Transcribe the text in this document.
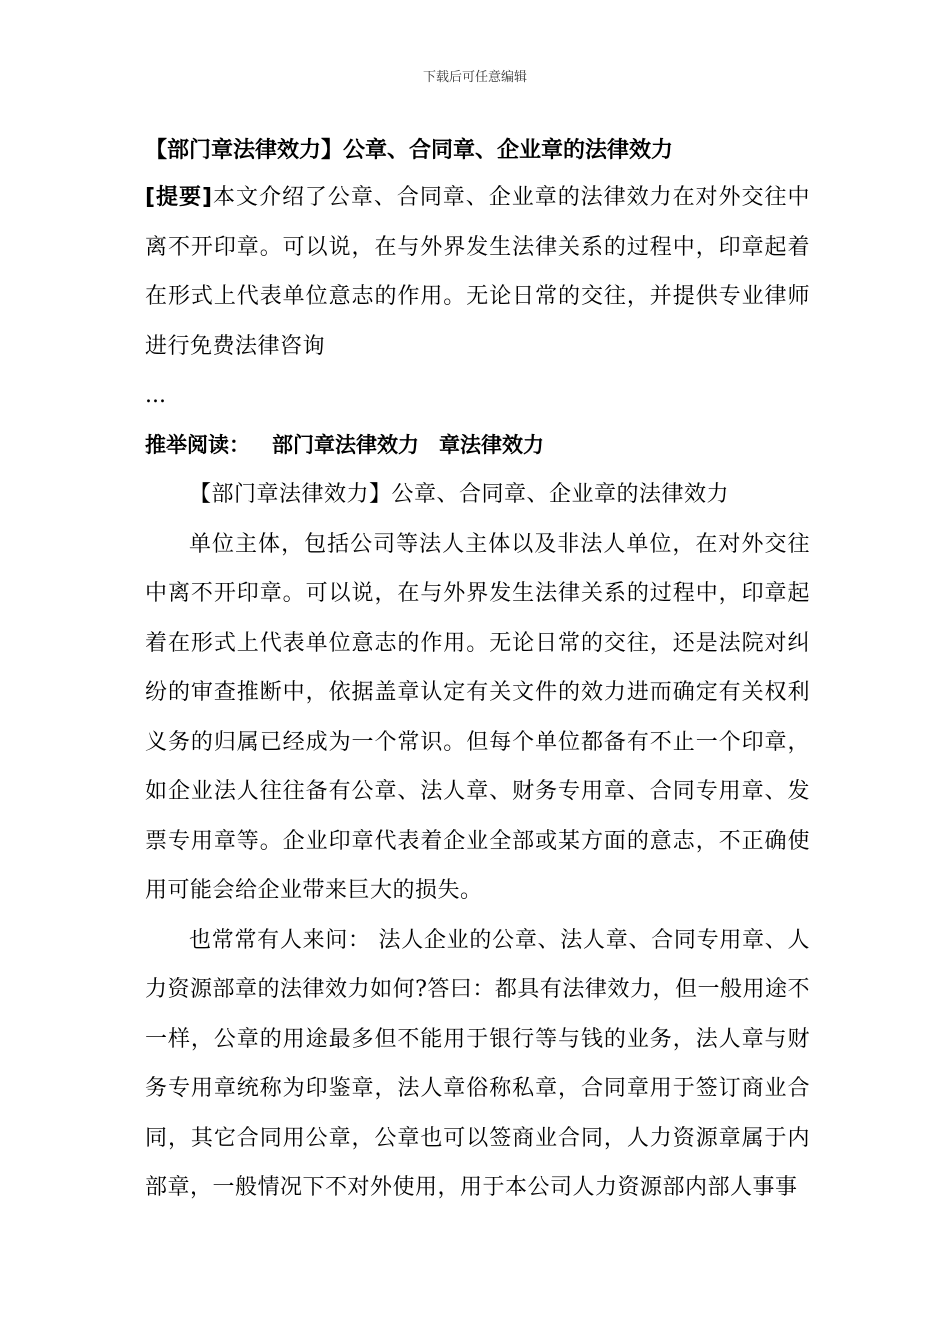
下载后可任意编辑

【部门章法律效力】公章、合同章、企业章的法律效力

[提要]本文介绍了公章、合同章、企业章的法律效力在对外交往中离不开印章。可以说，在与外界发生法律关系的过程中，印章起着在形式上代表单位意志的作用。无论日常的交往，并提供专业律师进行免费法律咨询

...

推举阅读： 部门章法律效力 章法律效力

【部门章法律效力】公章、合同章、企业章的法律效力

单位主体，包括公司等法人主体以及非法人单位，在对外交往中离不开印章。可以说，在与外界发生法律关系的过程中，印章起着在形式上代表单位意志的作用。无论日常的交往，还是法院对纠纷的审查推断中，依据盖章认定有关文件的效力进而确定有关权利义务的归属已经成为一个常识。但每个单位都备有不止一个印章，如企业法人往往备有公章、法人章、财务专用章、合同专用章、发票专用章等。企业印章代表着企业全部或某方面的意志，不正确使用可能会给企业带来巨大的损失。

也常常有人来问： 法人企业的公章、法人章、合同专用章、人力资源部章的法律效力如何?答曰：都具有法律效力，但一般用途不一样，公章的用途最多但不能用于银行等与钱的业务，法人章与财务专用章统称为印鉴章，法人章俗称私章，合同章用于签订商业合同，其它合同用公章，公章也可以签商业合同，人力资源章属于内部章，一般情况下不对外使用，用于本公司人力资源部内部人事事
